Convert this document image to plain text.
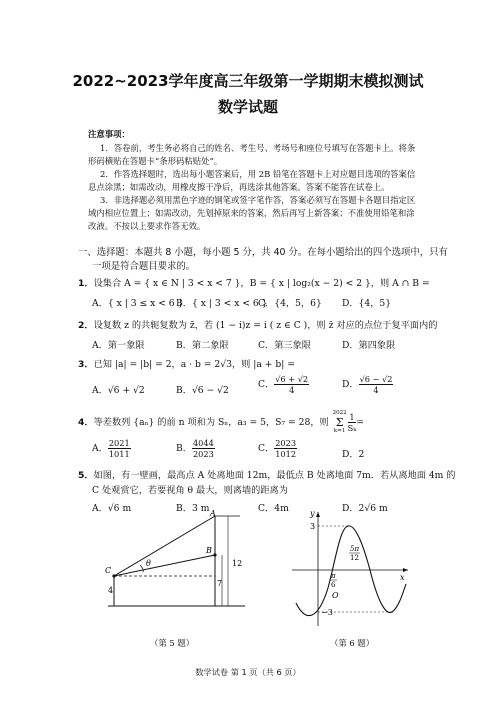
2022~2023学年度高三年级第一学期期末模拟测试
数学试题
注意事项：
1．答卷前，考生务必将自己的姓名、考生号、考场号和座位号填写在答题卡上。将条
形码横贴在答题卡“条形码粘贴处”。
2．作答选择题时，选出每小题答案后，用 2B 铅笔在答题卡上对应题目选项的答案信
息点涂黑；如需改动，用橡皮擦干净后，再选涂其他答案。答案不能答在试卷上。
3．非选择题必须用黑色字迹的钢笔或签字笔作答，答案必须写在答题卡各题目指定区
域内相应位置上；如需改动，先划掉原来的答案，然后再写上新答案；不准使用铅笔和涂
改液。不按以上要求作答无效。
一、选择题：本题共 8 小题，每小题 5 分，共 40 分。在每小题给出的四个选项中，只有
一项是符合题目要求的。
1．设集合 A = { x ∈ N | 3 < x < 7 }，B = { x | log₂(x − 2) < 2 }，则 A ∩ B =
A．{ x | 3 ≤ x < 6 }
B．{ x | 3 < x < 6 }
C．{4，5，6} D．{4，5}
2．设复数 z 的共轭复数为 z̄，若 (1 − i)z = i ( z ∈ C )，则 z̄ 对应的点位于复平面内的
A．第一象限	B．第二象限	C．第三象限	D．第四象限
3．已知 |a| = |b| = 2，a · b = 2√3，则 |a + b| =
A．√6 + √2	B．√6 − √2
C． $\frac{√6 + √2}{4}$	D． $\frac{√6 - √2}{4}$
4．等差数列 {aₙ} 的前 n 项和为 Sₙ，a₃ = 5，S₇ = 28，则
2022
Σ
$k=1 \frac{1}{\text{Sₖ}}$ =
A． $\frac{2021}{1011}$	B． $\frac{4044}{2023}$	C． $\frac{2023}{1012}$	D．2
5．如图，有一壁画，最高点 A 处离地面 12m，最低点 B 处离地面 7m．若从离地面 4m 的
C 处观赏它，若要视角 θ 最大，则离墙的距离为
A．√6 m	B．3 m	C．4m	D．2√6 m
A
B
C
θ	12
7
4
（第 5 题）
y
x
3
−3
π
6
O
5π
12
（第 6 题）
数学试卷 第 1 页（共 6 页）
